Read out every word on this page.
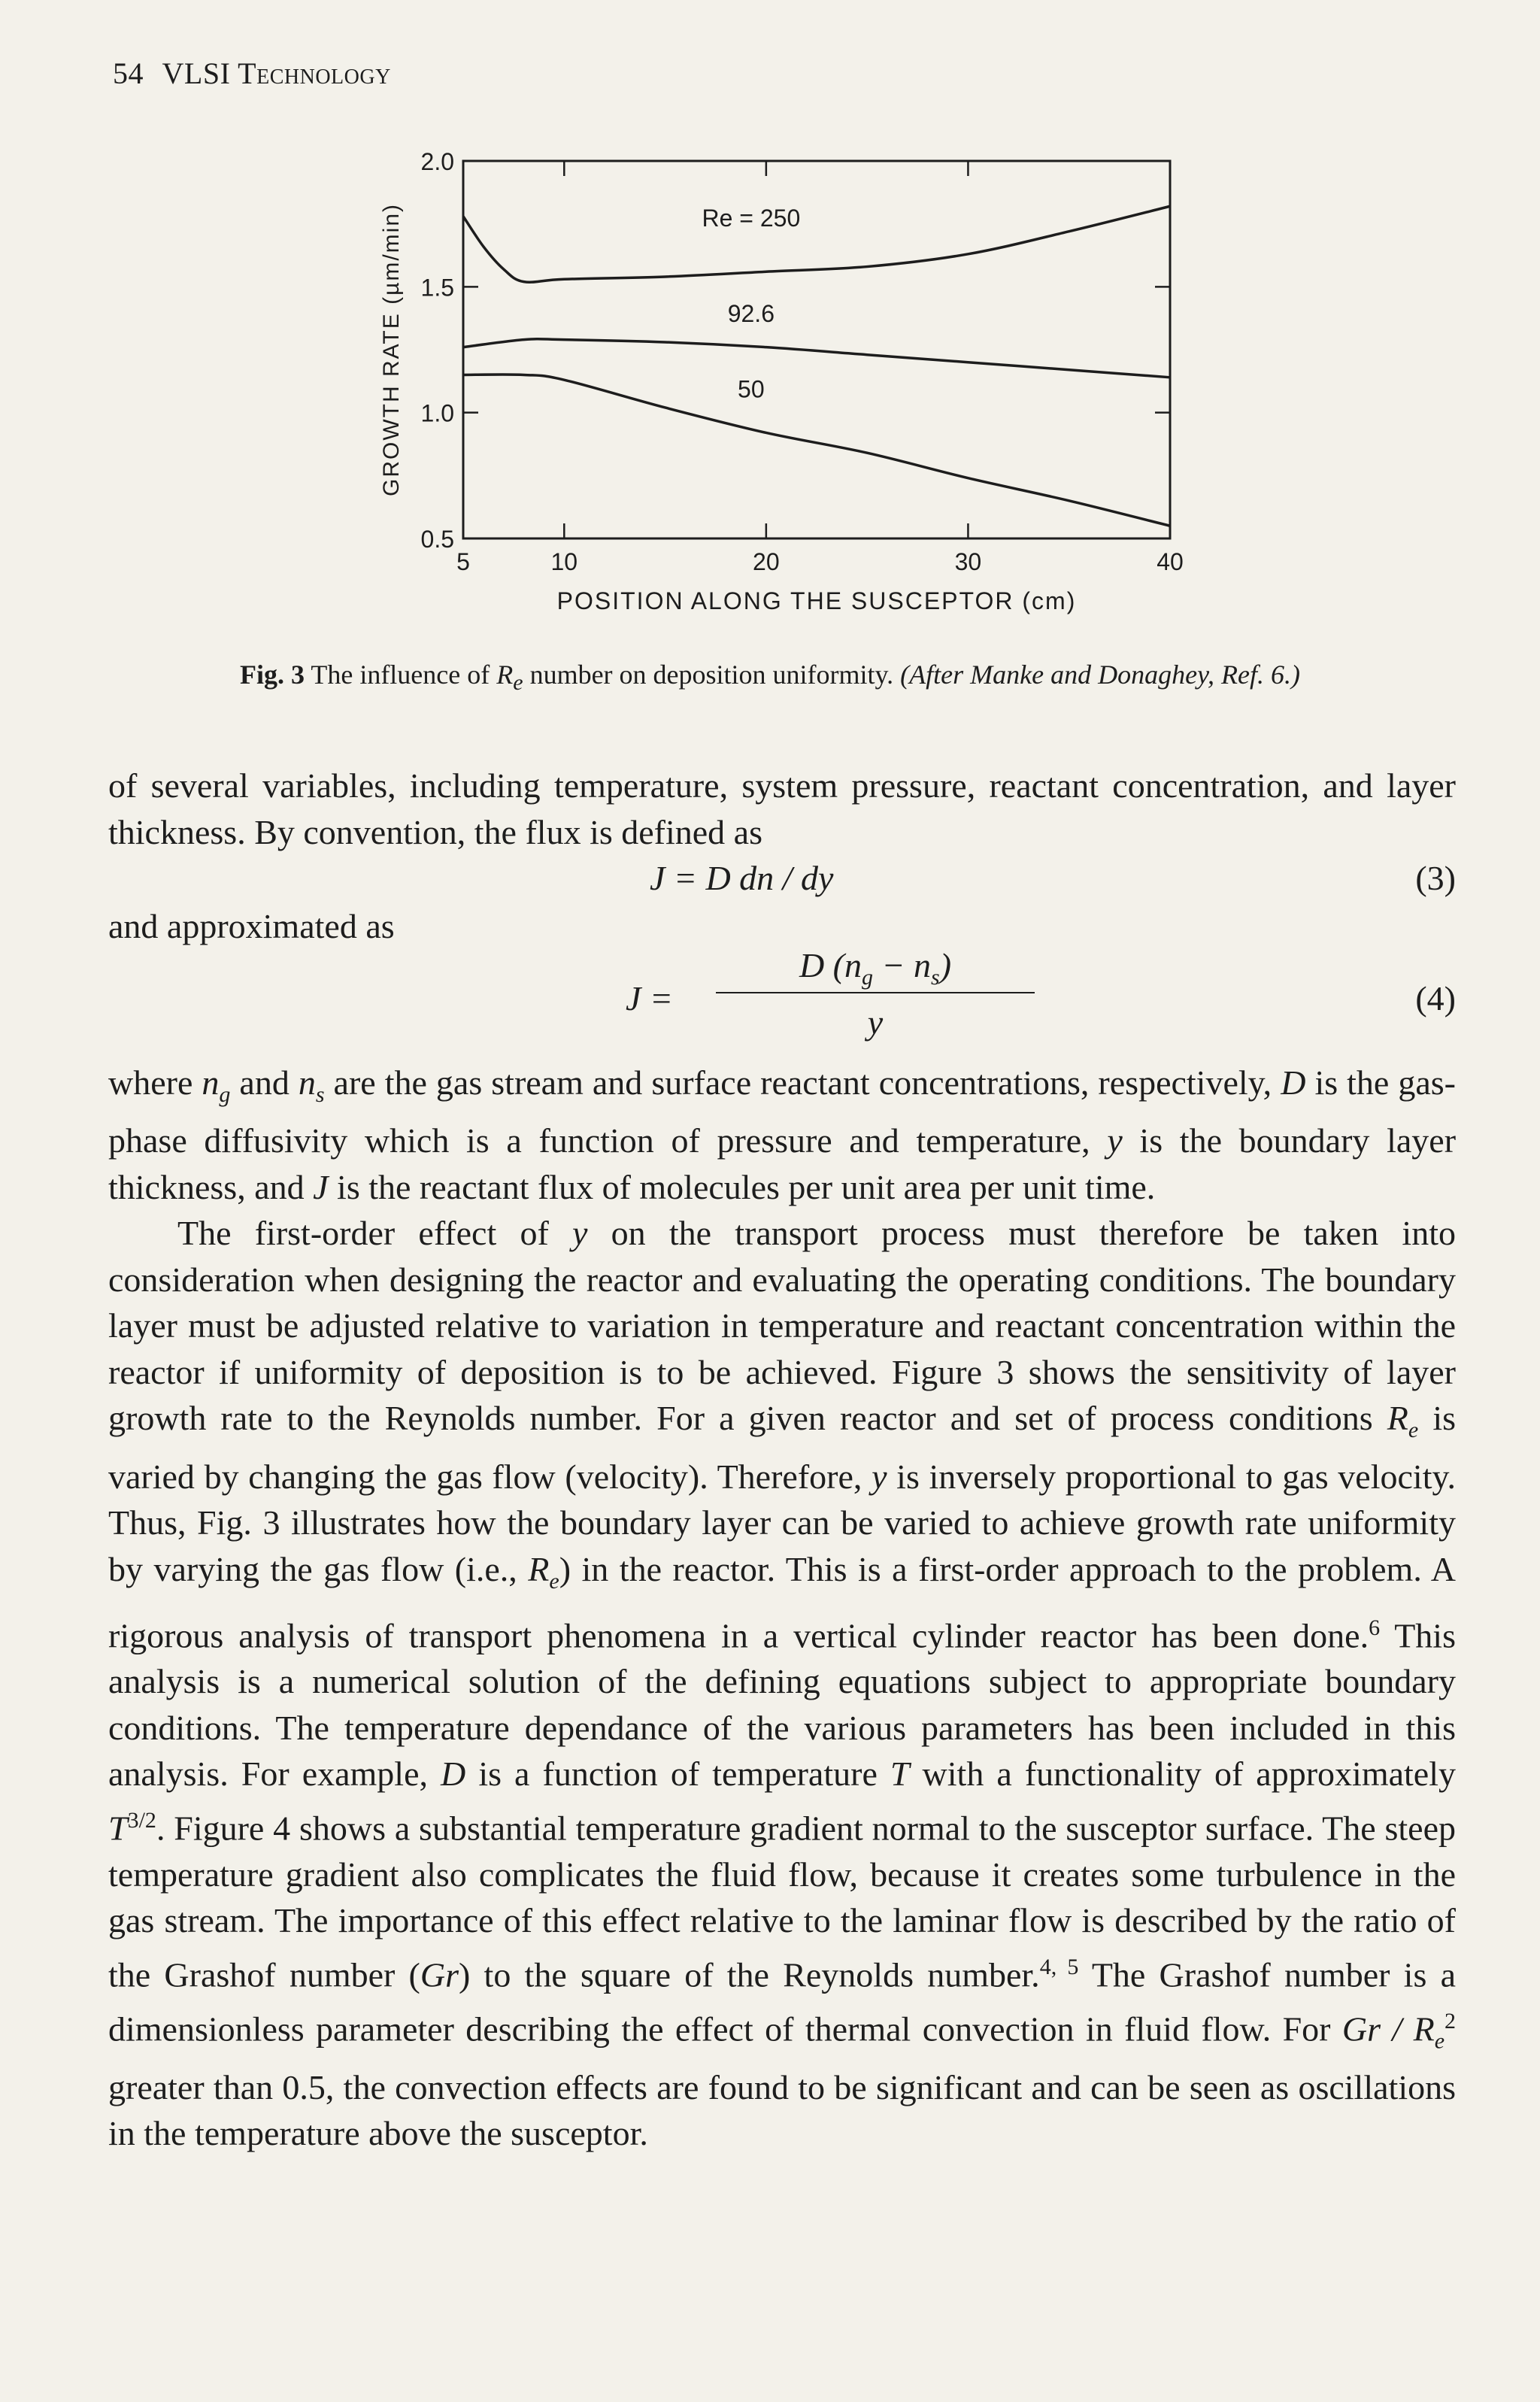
54 VLSI Technology
5	10	20	30	40
0.5
1.0
1.5
2.0
POSITION ALONG THE SUSCEPTOR (cm)
GROWTH RATE (µm/min)	Re = 250
92.6
50
Fig. 3 The influence of $R_e$ number on deposition uniformity. (After Manke and Donaghey, Ref. 6.)

of several variables, including temperature, system pressure, reactant concentration, and layer thickness. By convention, the flux is defined as

J = D dn / dy	(3)

and approximated as

J =
D $(n_g - n_s)$
y
(4)

where $n_g$ and $n_s$ are the gas stream and surface reactant concentrations, respectively, D is the gas-phase diffusivity which is a function of pressure and temperature, y is the boundary layer thickness, and J is the reactant flux of molecules per unit area per unit time.

The first-order effect of y on the transport process must therefore be taken into consideration when designing the reactor and evaluating the operating conditions. The boundary layer must be adjusted relative to variation in temperature and reactant concentration within the reactor if uniformity of deposition is to be achieved. Figure 3 shows the sensitivity of layer growth rate to the Reynolds number. For a given reactor and set of process conditions $R_e$ is varied by changing the gas flow (velocity). Therefore, y is inversely proportional to gas velocity. Thus, Fig. 3 illustrates how the boundary layer can be varied to achieve growth rate uniformity by varying the gas flow (i.e., $R_e$) in the reactor. This is a first-order approach to the problem. A rigorous analysis of transport phenomena in a vertical cylinder reactor has been done.$^6$ This analysis is a numerical solution of the defining equations subject to appropriate boundary conditions. The temperature dependance of the various parameters has been included in this analysis. For example, D is a function of temperature T with a functionality of approximately $T^{3/2}$. Figure 4 shows a substantial temperature gradient normal to the susceptor surface. The steep temperature gradient also complicates the fluid flow, because it creates some turbulence in the gas stream. The importance of this effect relative to the laminar flow is described by the ratio of the Grashof number (Gr) to the square of the Reynolds number.$^{4, 5}$ The Grashof number is a dimensionless parameter describing the effect of thermal convection in fluid flow. For Gr / $R_e^2$ greater than 0.5, the convection effects are found to be significant and can be seen as oscillations in the temperature above the susceptor.
